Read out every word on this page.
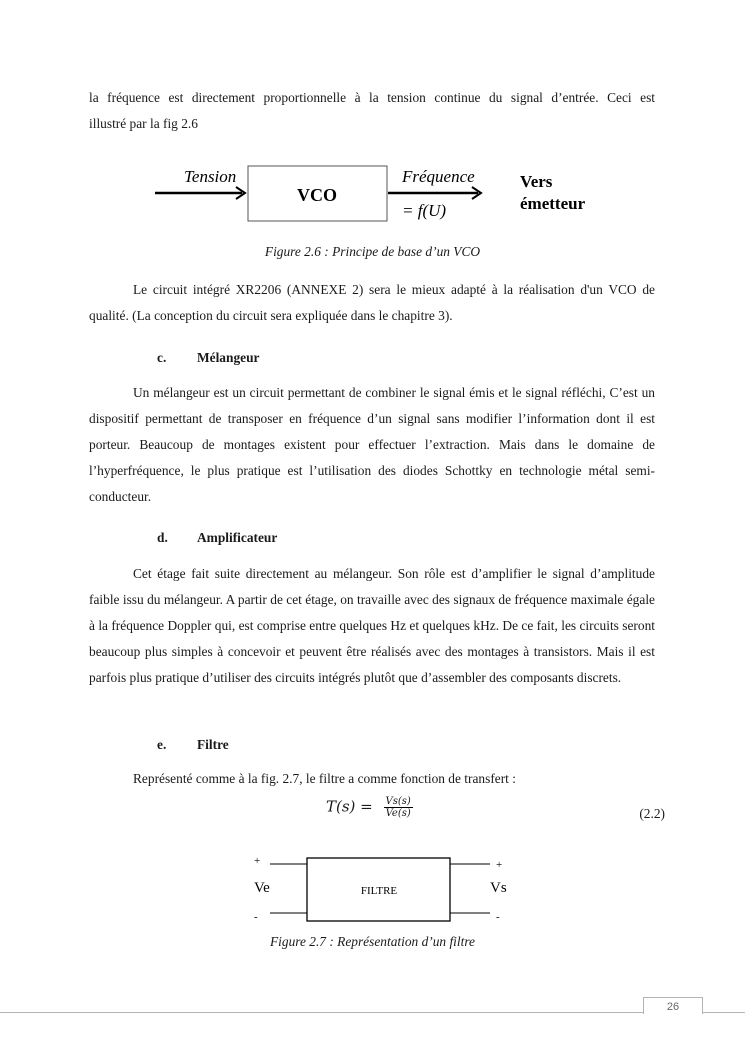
la fréquence est directement proportionnelle à la tension continue du signal d’entrée. Ceci est
illustré par la fig 2.6
Tension
VCO
Fréquence
= f(U)
Vers
émetteur
Figure 2.6 : Principe de base d’un VCO
Le circuit intégré XR2206 (ANNEXE 2) sera le mieux adapté à la réalisation d'un VCO de qualité. (La conception du circuit sera expliquée dans le chapitre 3).
c. Mélangeur
Un mélangeur est un circuit permettant de combiner le signal émis et le signal réfléchi, C’est un dispositif permettant de transposer en fréquence d’un signal sans modifier l’information dont il est porteur. Beaucoup de montages existent pour effectuer l’extraction. Mais dans le domaine de l’hyperfréquence, le plus pratique est l’utilisation des diodes Schottky en technologie métal semi-conducteur.
d. Amplificateur
Cet étage fait suite directement au mélangeur. Son rôle est d’amplifier le signal d’amplitude faible issu du mélangeur. A partir de cet étage, on travaille avec des signaux de fréquence maximale égale à la fréquence Doppler qui, est comprise entre quelques Hz et quelques kHz. De ce fait, les circuits seront beaucoup plus simples à concevoir et peuvent être réalisés avec des montages à transistors. Mais il est parfois plus pratique d’utiliser des circuits intégrés plutôt que d’assembler des composants discrets.
e. Filtre
Représenté comme à la fig. 2.7, le filtre a comme fonction de transfert :
$T(s) = \frac{Vs(s)}{Ve(s)}$	(2.2)
+
-
+
-
Ve	Vs
FILTRE
Figure 2.7 : Représentation d’un filtre
26
